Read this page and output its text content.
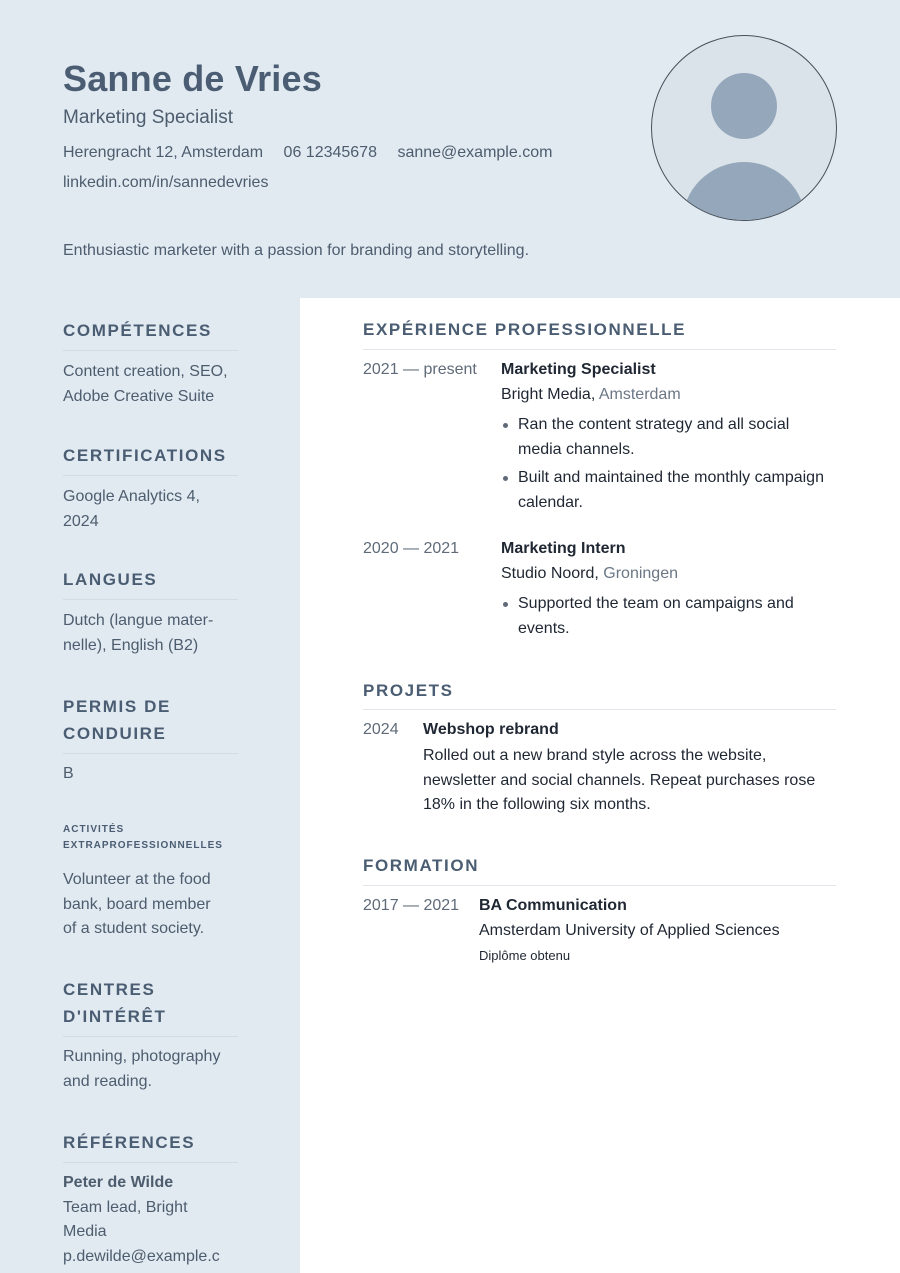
Sanne de Vries
Marketing Specialist
Herengracht 12, Amsterdam 06 12345678 sanne@example.com
linkedin.com/in/sannedevries
Enthusiastic marketer with a passion for branding and storytelling.
COMPÉTENCES
Content creation, SEO, Adobe Creative Suite
CERTIFICATIONS
Google Analytics 4, 2024
LANGUES
Dutch (langue mater-
nelle), English (B2)
PERMIS DE
CONDUIRE
B
ACTIVITÉS
EXTRAPROFESSIONNELLES
Volunteer at the food bank, board member of a student society.
CENTRES
D'INTÉRÊT
Running, photography and reading.
RÉFÉRENCES
Peter de Wilde
Team lead, Bright Media
p.dewilde@example.c
EXPÉRIENCE PROFESSIONNELLE
2021 — present Marketing Specialist
Bright Media, Amsterdam
Ran the content strategy and all social media channels.
Built and maintained the monthly campaign calendar.
2020 — 2021	Marketing Intern
Studio Noord, Groningen
Supported the team on campaigns and events.
PROJETS
2024 Webshop rebrand
Rolled out a new brand style across the website, newsletter and social channels. Repeat purchases rose 18% in the following six months.
FORMATION
2017 — 2021 BA Communication
Amsterdam University of Applied Sciences
Diplôme obtenu
